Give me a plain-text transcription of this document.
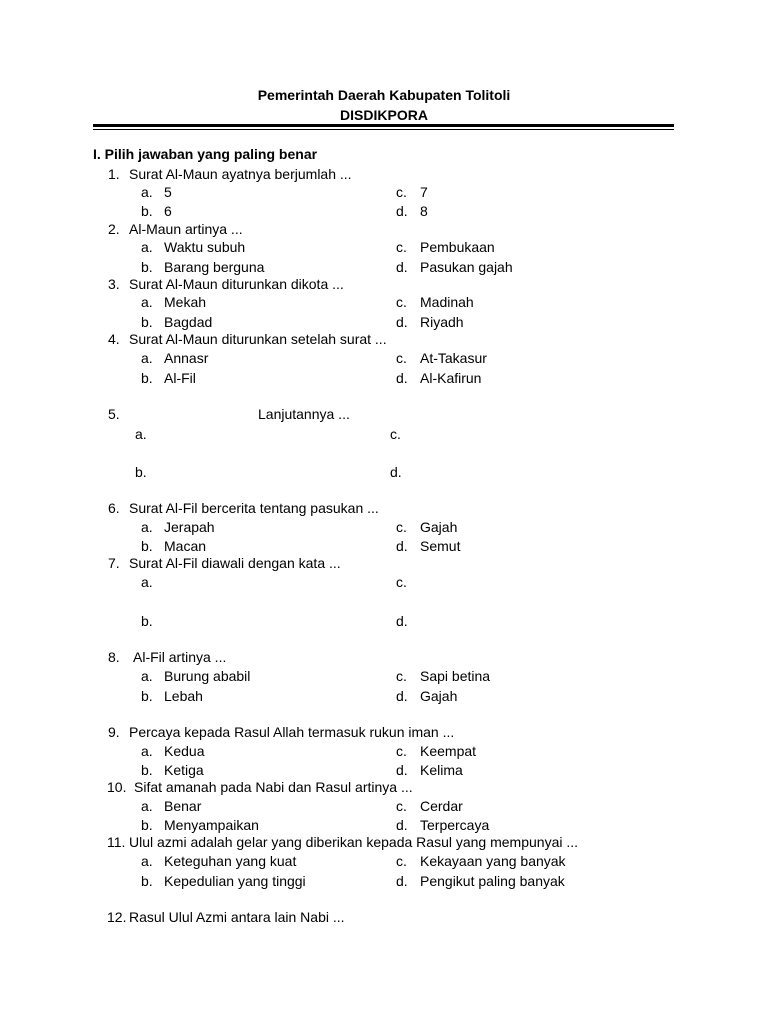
Pemerintah Daerah Kabupaten Tolitoli
DISDIKPORA
I. Pilih jawaban yang paling benar
1. Surat Al-Maun ayatnya berjumlah ...
a. 5	c. 7
b. 6	d. 8
2. Al-Maun artinya ...
a. Waktu subuh	c. Pembukaan
b. Barang berguna	d. Pasukan gajah
3. Surat Al-Maun diturunkan dikota ...
a. Mekah	c. Madinah
b. Bagdad	d. Riyadh
4. Surat Al-Maun diturunkan setelah surat ...
a. Annasr	c. At-Takasur
b. Al-Fil	d. Al-Kafirun
5.	Lanjutannya ...
a.	c.
b.	d.
6. Surat Al-Fil bercerita tentang pasukan ...
a. Jerapah	c. Gajah
b. Macan	d. Semut
7. Surat Al-Fil diawali dengan kata ...
a.	c.
b.	d.
8. Al-Fil artinya ...
a. Burung ababil	c. Sapi betina
b. Lebah	d. Gajah
9. Percaya kepada Rasul Allah termasuk rukun iman ...
a. Kedua	c. Keempat
b. Ketiga	d. Kelima
10. Sifat amanah pada Nabi dan Rasul artinya ...
a. Benar	c. Cerdar
b. Menyampaikan	d. Terpercaya
11. Ulul azmi adalah gelar yang diberikan kepada Rasul yang mempunyai ...
a. Keteguhan yang kuat	c. Kekayaan yang banyak
b. Kepedulian yang tinggi	d. Pengikut paling banyak
12. Rasul Ulul Azmi antara lain Nabi ...
